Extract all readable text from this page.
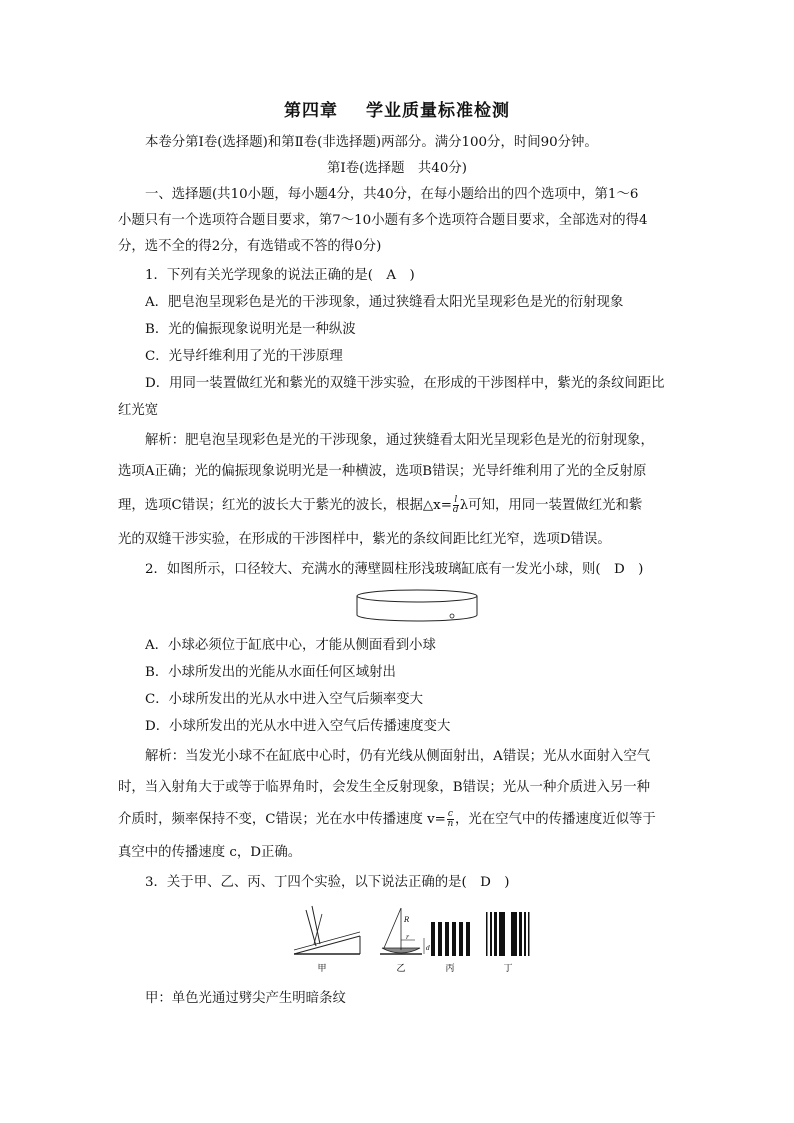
第四章 学业质量标准检测
本卷分第Ⅰ卷(选择题)和第Ⅱ卷(非选择题)两部分。满分100分，时间90分钟。
第Ⅰ卷(选择题　共40分)
一、选择题(共10小题，每小题4分，共40分，在每小题给出的四个选项中，第1～6
小题只有一个选项符合题目要求，第7～10小题有多个选项符合题目要求，全部选对的得4
分，选不全的得2分，有选错或不答的得0分)
1．下列有关光学现象的说法正确的是(　A　)
A．肥皂泡呈现彩色是光的干涉现象，通过狭缝看太阳光呈现彩色是光的衍射现象
B．光的偏振现象说明光是一种纵波
C．光导纤维利用了光的干涉原理
D．用同一装置做红光和紫光的双缝干涉实验，在形成的干涉图样中，紫光的条纹间距比
红光宽
解析：肥皂泡呈现彩色是光的干涉现象，通过狭缝看太阳光呈现彩色是光的衍射现象，
选项A正确；光的偏振现象说明光是一种横波，选项B错误；光导纤维利用了光的全反射原
理，选项C错误；红光的波长大于紫光的波长，根据△x= $\frac{l}{d}$ λ可知，用同一装置做红光和紫
光的双缝干涉实验，在形成的干涉图样中，紫光的条纹间距比红光窄，选项D错误。
2．如图所示，口径较大、充满水的薄壁圆柱形浅玻璃缸底有一发光小球，则(　D　)
A．小球必须位于缸底中心，才能从侧面看到小球
B．小球所发出的光能从水面任何区域射出
C．小球所发出的光从水中进入空气后频率变大
D．小球所发出的光从水中进入空气后传播速度变大
解析：当发光小球不在缸底中心时，仍有光线从侧面射出，A错误；光从水面射入空气
时，当入射角大于或等于临界角时，会发生全反射现象，B错误；光从一种介质进入另一种
介质时，频率保持不变，C错误；光在水中传播速度 $v= \frac{c}{n}$ ，光在空气中的传播速度近似等于
真空中的传播速度 c，D正确。
3．关于甲、乙、丙、丁四个实验，以下说法正确的是(　D　)
甲
R
r
d
乙	丙	丁
甲：单色光通过劈尖产生明暗条纹
